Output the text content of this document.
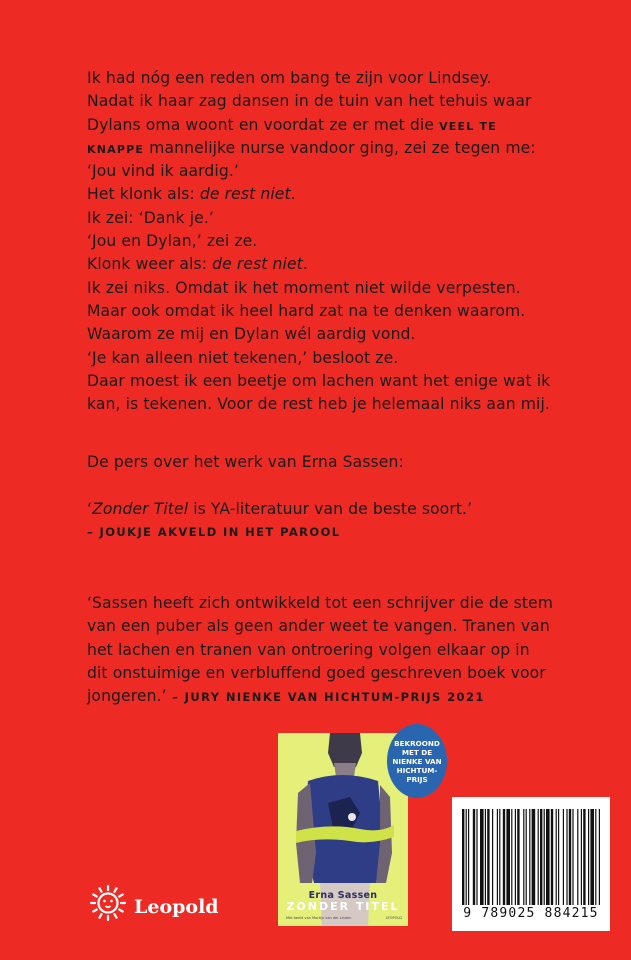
Ik had nóg een reden om bang te zijn voor Lindsey.
Nadat ik haar zag dansen in de tuin van het tehuis waar
Dylans oma woont en voordat ze er met die VEEL TE
KNAPPE mannelijke nurse vandoor ging, zei ze tegen me:
‘Jou vind ik aardig.’
Het klonk als: de rest niet.
Ik zei: ‘Dank je.’
‘Jou en Dylan,’ zei ze.
Klonk weer als: de rest niet.
Ik zei niks. Omdat ik het moment niet wilde verpesten.
Maar ook omdat ik heel hard zat na te denken waarom.
Waarom ze mij en Dylan wél aardig vond.
‘Je kan alleen niet tekenen,’ besloot ze.
Daar moest ik een beetje om lachen want het enige wat ik
kan, is tekenen. Voor de rest heb je helemaal niks aan mij.
De pers over het werk van Erna Sassen:
‘Zonder Titel is YA-literatuur van de beste soort.’
– JOUKJE AKVELD IN HET PAROOL
‘Sassen heeft zich ontwikkeld tot een schrijver die de stem
van een puber als geen ander weet te vangen. Tranen van
het lachen en tranen van ontroering volgen elkaar op in
dit onstuimige en verbluffend goed geschreven boek voor
jongeren.’ – JURY NIENKE VAN HICHTUM-PRIJS 2021
Erna Sassen
ZONDER TITEL
Met beeld van Martijn van der Linden	LEOPOLD
BEKROOND MET DE NIENKE VAN HICHTUM-PRIJS
9 789025 884215
Leopold
